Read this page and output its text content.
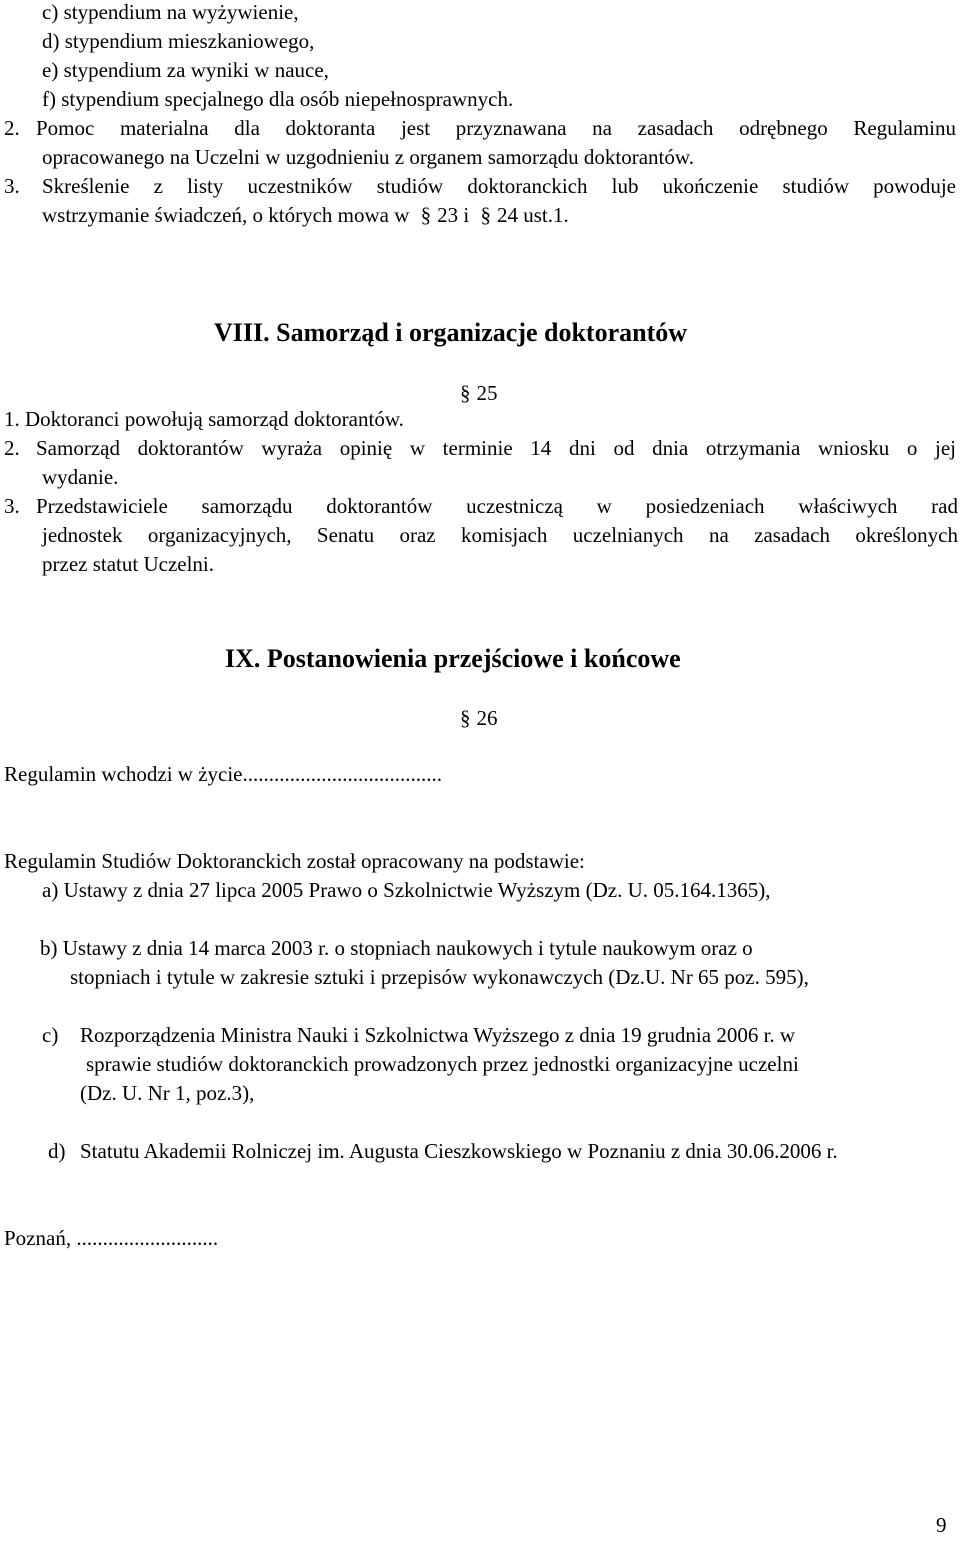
c) stypendium na wyżywienie,
d) stypendium mieszkaniowego,
e) stypendium za wyniki w nauce,
f) stypendium specjalnego dla osób niepełnosprawnych.
2. Pomoc materialna dla doktoranta jest przyznawana na zasadach odrębnego Regulaminu
opracowanego na Uczelni w uzgodnieniu z organem samorządu doktorantów.
3. Skreślenie z listy uczestników studiów doktoranckich lub ukończenie studiów powoduje
wstrzymanie świadczeń, o których mowa w § 23 i § 24 ust.1.
VIII. Samorząd i organizacje doktorantów
§ 25
1. Doktoranci powołują samorząd doktorantów.
2. Samorząd doktorantów wyraża opinię w terminie 14 dni od dnia otrzymania wniosku o jej
wydanie.
3. Przedstawiciele samorządu doktorantów uczestniczą w posiedzeniach właściwych rad
jednostek organizacyjnych, Senatu oraz komisjach uczelnianych na zasadach określonych
przez statut Uczelni.
IX. Postanowienia przejściowe i końcowe
§ 26
Regulamin wchodzi w życie......................................
Regulamin Studiów Doktoranckich został opracowany na podstawie:
a) Ustawy z dnia 27 lipca 2005 Prawo o Szkolnictwie Wyższym (Dz. U. 05.164.1365),
b) Ustawy z dnia 14 marca 2003 r. o stopniach naukowych i tytule naukowym oraz o
stopniach i tytule w zakresie sztuki i przepisów wykonawczych (Dz.U. Nr 65 poz. 595),
c) Rozporządzenia Ministra Nauki i Szkolnictwa Wyższego z dnia 19 grudnia 2006 r. w
sprawie studiów doktoranckich prowadzonych przez jednostki organizacyjne uczelni
(Dz. U. Nr 1, poz.3),
d) Statutu Akademii Rolniczej im. Augusta Cieszkowskiego w Poznaniu z dnia 30.06.2006 r.
Poznań, ...........................
9
